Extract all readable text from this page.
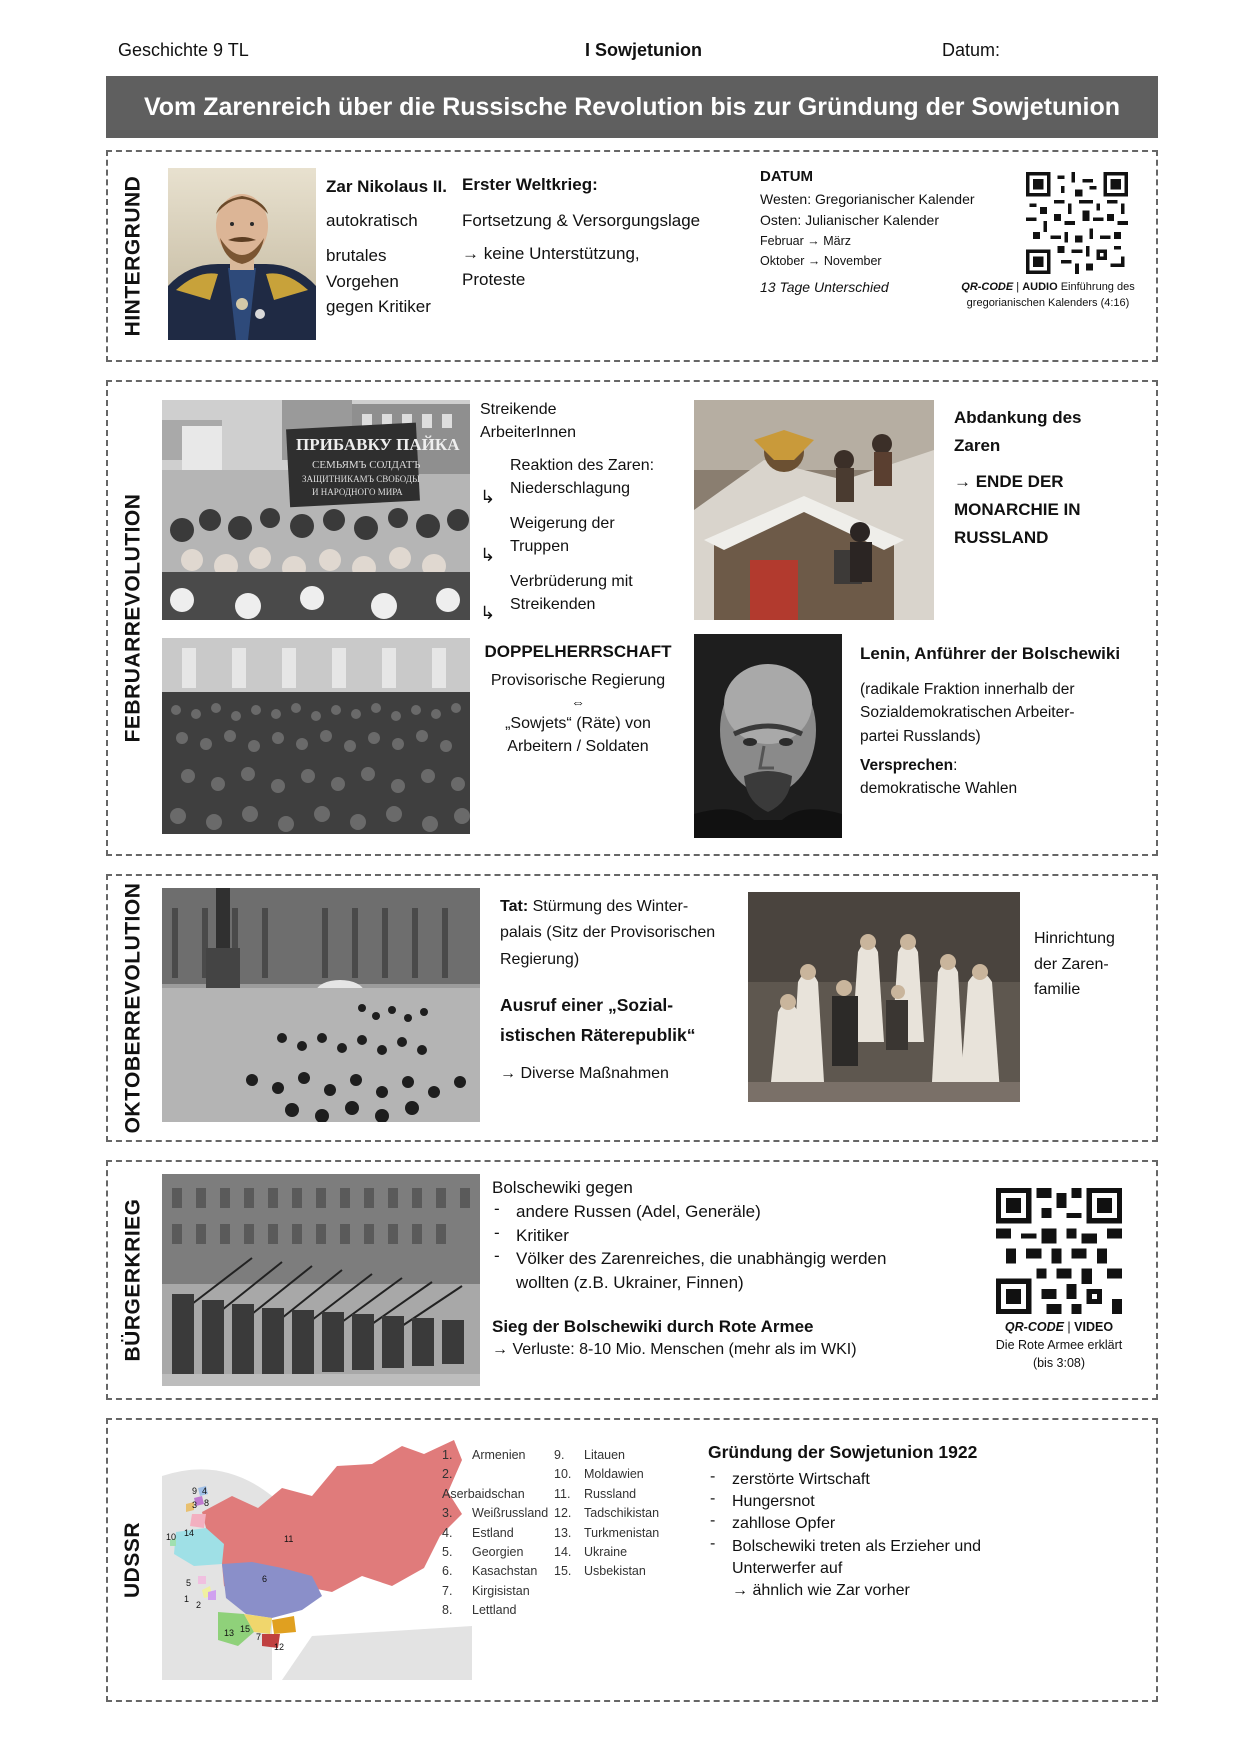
Geschichte 9 TL	I Sowjetunion	Datum:
Vom Zarenreich über die Russische Revolution bis zur Gründung der Sowjetunion
HINTERGRUND	Zar Nikolaus II.
autokratisch
brutales
Vorgehen
gegen Kritiker
Erster Weltkrieg:
Fortsetzung & Versorgungslage
→ keine Unterstützung,
Proteste
DATUM
Westen: Gregorianischer Kalender
Osten: Julianischer Kalender
Februar → März
Oktober → November
13 Tage Unterschied	QR-CODE | AUDIO Einführung des
gregorianischen Kalenders (4:16)
FEBRUARREVOLUTION
ПРИБАВКУ ПАЙКА
СЕМЬЯМЪ СОЛДАТЪ
ЗАЩИТНИКАМЪ СВОБОДЫ
И НАРОДНОГО МИРА
Streikende
ArbeiterInnen
↳
Reaktion des Zaren:
Niederschlagung
↳
Weigerung der
Truppen
↳
Verbrüderung mit
Streikenden
Abdankung des
Zaren
→ ENDE DER
MONARCHIE IN
RUSSLAND
DOPPELHERRSCHAFT
Provisorische Regierung
⇔
„Sowjets“ (Räte) von
Arbeitern / Soldaten
Lenin, Anführer der Bolschewiki
(radikale Fraktion innerhalb der
Sozialdemokratischen Arbeiter-
partei Russlands)
Versprechen:
demokratische Wahlen
OKTOBERREVOLUTION	Tat: Stürmung des Winter-
palais (Sitz der Provisorischen
Regierung)
Ausruf einer „Sozial-
istischen Räterepublik“
→ Diverse Maßnahmen
Hinrichtung
der Zaren-
familie
BÜRGERKRIEG
Bolschewiki gegen
- andere Russen (Adel, Generäle)
- Kritiker
- Völker des Zarenreiches, die unabhängig werden wollten (z.B. Ukrainer, Finnen)
Sieg der Bolschewiki durch Rote Armee
→ Verluste: 8-10 Mio. Menschen (mehr als im WKI)
QR-CODE | VIDEO
Die Rote Armee erklärt
(bis 3:08)
UDSSR
9 4
3 8
10 14
11
5
1
2
6
13 15
7
12
1. Armenien
2.Aserbaidschan
3. Weißrussland
4. Estland
5. Georgien
6. Kasachstan
7. Kirgisistan
8. Lettland
9. Litauen
10. Moldawien
11. Russland
12. Tadschikistan
13. Turkmenistan
14. Ukraine
15. Usbekistan
Gründung der Sowjetunion 1922
- zerstörte Wirtschaft
- Hungersnot
- zahllose Opfer
- Bolschewiki treten als Erzieher und Unterwerfer auf
→ ähnlich wie Zar vorher
